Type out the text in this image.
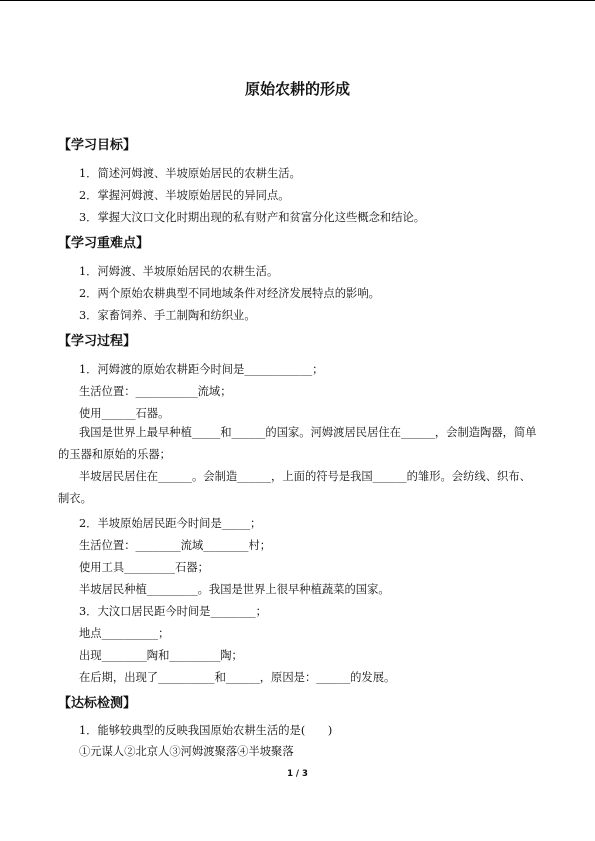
原始农耕的形成
【学习目标】
1．简述河姆渡、半坡原始居民的农耕生活。
2．掌握河姆渡、半坡原始居民的异同点。
3．掌握大汶口文化时期出现的私有财产和贫富分化这些概念和结论。
【学习重难点】
1．河姆渡、半坡原始居民的农耕生活。
2．两个原始农耕典型不同地域条件对经济发展特点的影响。
3．家畜饲养、手工制陶和纺织业。
【学习过程】
1．河姆渡的原始农耕距今时间是____________；
生活位置：___________流域；
使用______石器。
我国是世界上最早种植_____和______的国家。河姆渡居民居住在______，会制造陶器，简单的玉器和原始的乐器；
半坡居民居住在______。会制造______，上面的符号是我国______的雏形。会纺线、织布、制衣。
2．半坡原始居民距今时间是_____；
生活位置：________流域________村；
使用工具_________石器；
半坡居民种植_________。我国是世界上很早种植蔬菜的国家。
3．大汶口居民距今时间是________；
地点__________；
出现________陶和_________陶；
在后期，出现了__________和______，原因是：______的发展。
【达标检测】
1．能够较典型的反映我国原始农耕生活的是(　　)
①元谋人②北京人③河姆渡聚落④半坡聚落
1 / 3
